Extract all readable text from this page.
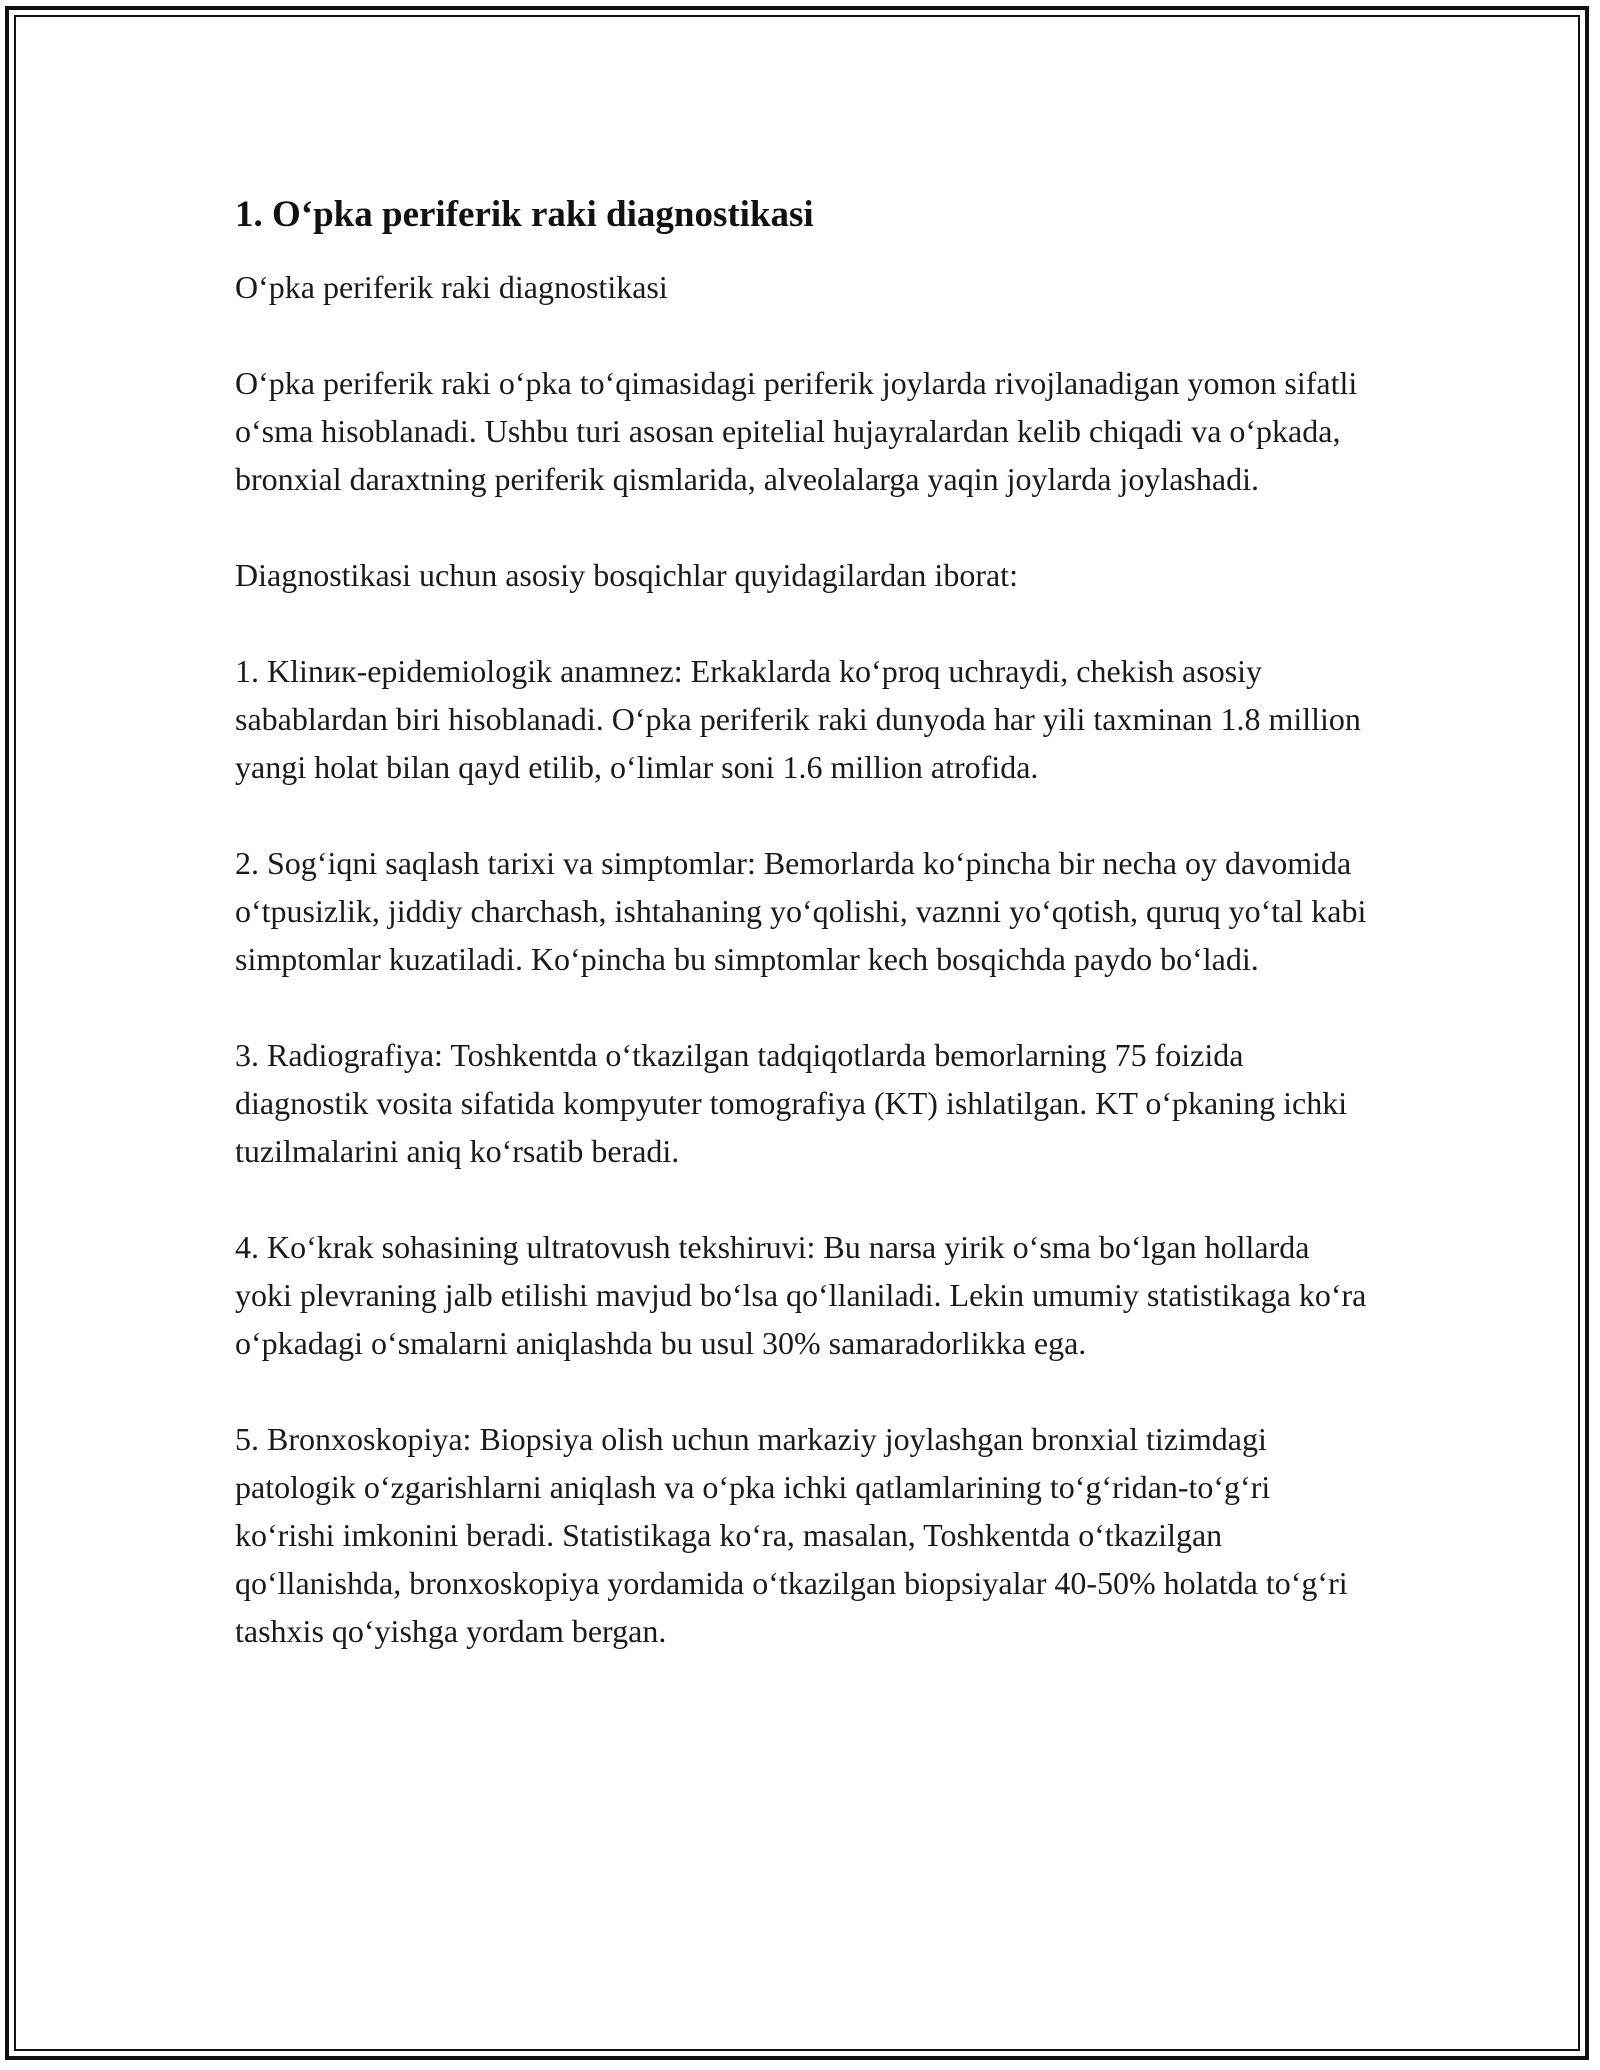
1. O‘pka periferik raki diagnostikasi

O‘pka periferik raki diagnostikasi

O‘pka periferik raki o‘pka to‘qimasidagi periferik joylarda rivojlanadigan yomon sifatli o‘sma hisoblanadi. Ushbu turi asosan epitelial hujayralardan kelib chiqadi va o‘pkada, bronxial daraxtning periferik qismlarida, alveolalarga yaqin joylarda joylashadi.

Diagnostikasi uchun asosiy bosqichlar quyidagilardan iborat:

1. Klinик-epidemiologik anamnez: Erkaklarda ko‘proq uchraydi, chekish asosiy sabablardan biri hisoblanadi. O‘pka periferik raki dunyoda har yili taxminan 1.8 million yangi holat bilan qayd etilib, o‘limlar soni 1.6 million atrofida.

2. Sog‘iqni saqlash tarixi va simptomlar: Bemorlarda ko‘pincha bir necha oy davomida o‘tpusizlik, jiddiy charchash, ishtahaning yo‘qolishi, vaznni yo‘qotish, quruq yo‘tal kabi simptomlar kuzatiladi. Ko‘pincha bu simptomlar kech bosqichda paydo bo‘ladi.

3. Radiografiya: Toshkentda o‘tkazilgan tadqiqotlarda bemorlarning 75 foizida diagnostik vosita sifatida kompyuter tomografiya (KT) ishlatilgan. KT o‘pkaning ichki tuzilmalarini aniq ko‘rsatib beradi.

4. Ko‘krak sohasining ultratovush tekshiruvi: Bu narsa yirik o‘sma bo‘lgan hollarda yoki plevraning jalb etilishi mavjud bo‘lsa qo‘llaniladi. Lekin umumiy statistikaga ko‘ra o‘pkadagi o‘smalarni aniqlashda bu usul 30% samaradorlikka ega.

5. Bronxoskopiya: Biopsiya olish uchun markaziy joylashgan bronxial tizimdagi patologik o‘zgarishlarni aniqlash va o‘pka ichki qatlamlarining to‘g‘ridan-to‘g‘ri ko‘rishi imkonini beradi. Statistikaga ko‘ra, masalan, Toshkentda o‘tkazilgan qo‘llanishda, bronxoskopiya yordamida o‘tkazilgan biopsiyalar 40-50% holatda to‘g‘ri tashxis qo‘yishga yordam bergan.
